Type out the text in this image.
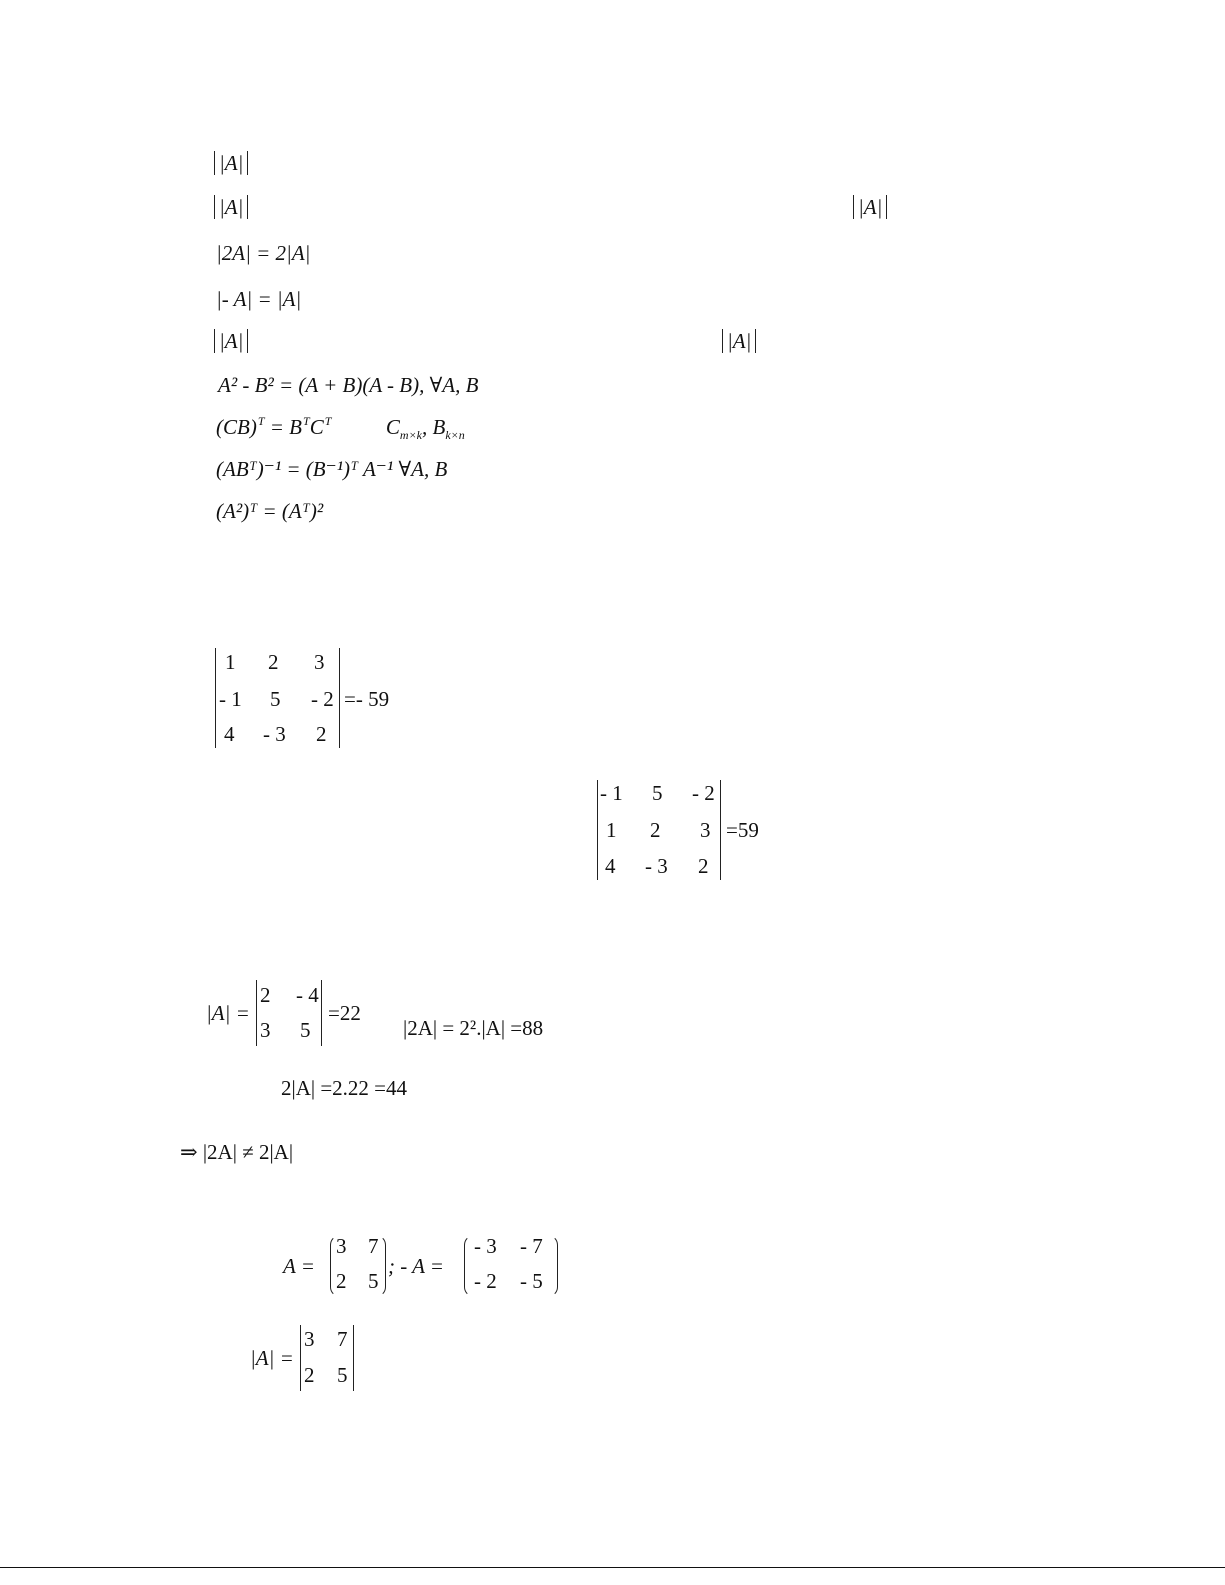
|A|
|A|	|A|
|2A| = 2|A|
|- A| = |A|
|A|	|A|
A² - B² = (A + B)(A - B), ∀A, B
$(CB)^T = B^TC^T$	$C_{m\times k}$, $B_{k\times n}$
(ABᵀ)⁻¹ = (B⁻¹)ᵀ A⁻¹ ∀A, B
(A²)ᵀ = (Aᵀ)²
1 2 3
- 1 5 - 2
4 - 3 2
=- 59
- 1 5 - 2
1 2 3
4 - 3 2
=59
|A| =
2 - 4
3 5
=22
|2A| = 2².|A| =88
2|A| =2.22 =44
⇒ |2A| ≠ 2|A|
A =
3 7
2 5
; - A =
- 3 - 7
- 2 - 5
|A| =
3 7
2 5
